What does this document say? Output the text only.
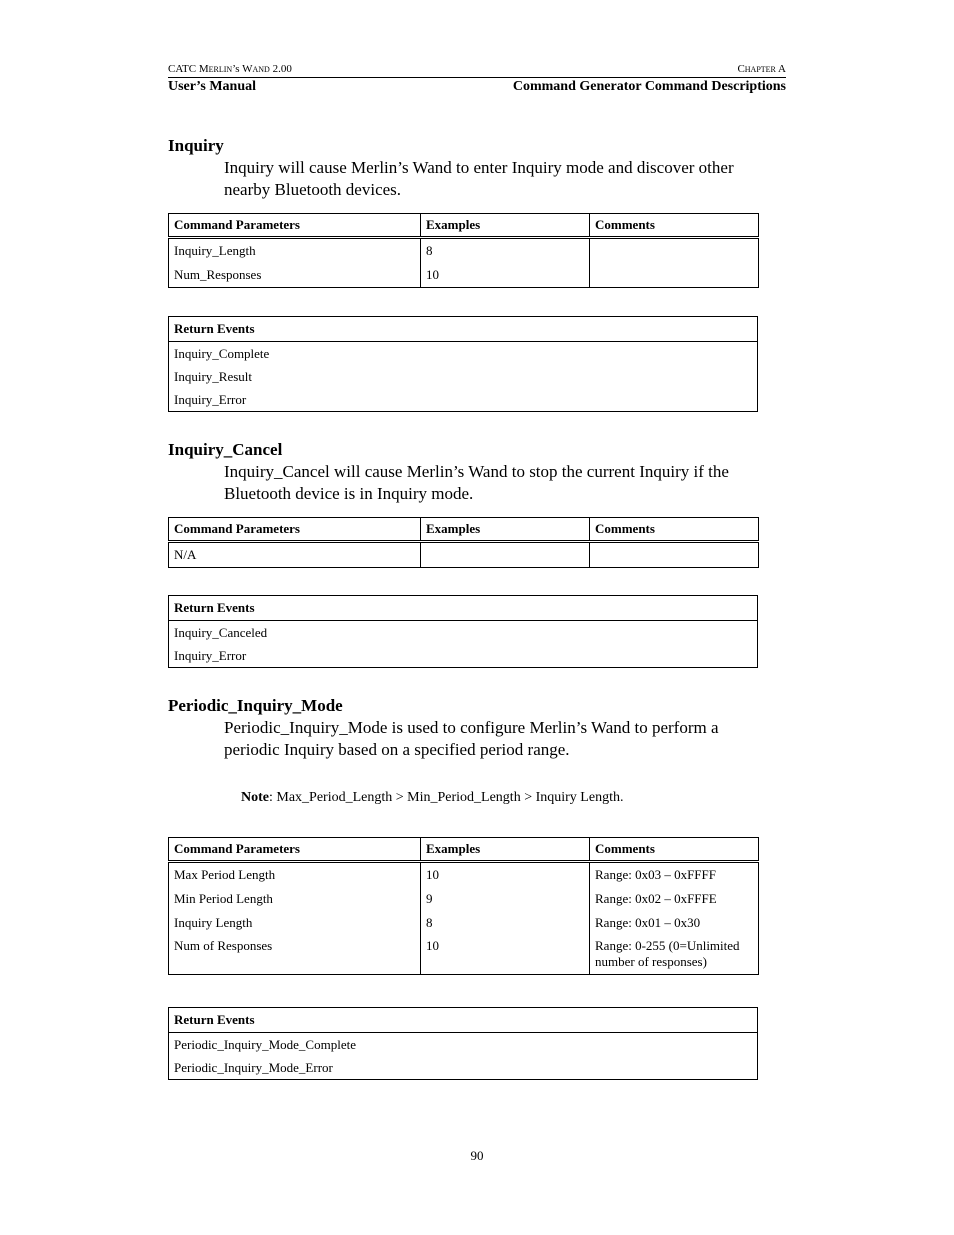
CATC Merlin’s Wand 2.00	Chapter A
User’s Manual	Command Generator Command Descriptions
Inquiry
Inquiry will cause Merlin’s Wand to enter Inquiry mode and discover other
nearby Bluetooth devices.
Command Parameters	Examples	Comments
Inquiry_Length	8	
Num_Responses	10	
Return Events
Inquiry_Complete
Inquiry_Result
Inquiry_Error
Inquiry_Cancel
Inquiry_Cancel will cause Merlin’s Wand to stop the current Inquiry if the
Bluetooth device is in Inquiry mode.
Command Parameters	Examples	Comments
N/A		
Return Events
Inquiry_Canceled
Inquiry_Error
Periodic_Inquiry_Mode
Periodic_Inquiry_Mode is used to configure Merlin’s Wand to perform a
periodic Inquiry based on a specified period range.
Note: Max_Period_Length > Min_Period_Length > Inquiry Length.
Command Parameters	Examples	Comments
Max Period Length	10	Range: 0x03 – 0xFFFF
Min Period Length	9	Range: 0x02 – 0xFFFE
Inquiry Length	8	Range: 0x01 – 0x30
Num of Responses	10	Range: 0-255 (0=Unlimited
number of responses)
Return Events
Periodic_Inquiry_Mode_Complete
Periodic_Inquiry_Mode_Error
90
